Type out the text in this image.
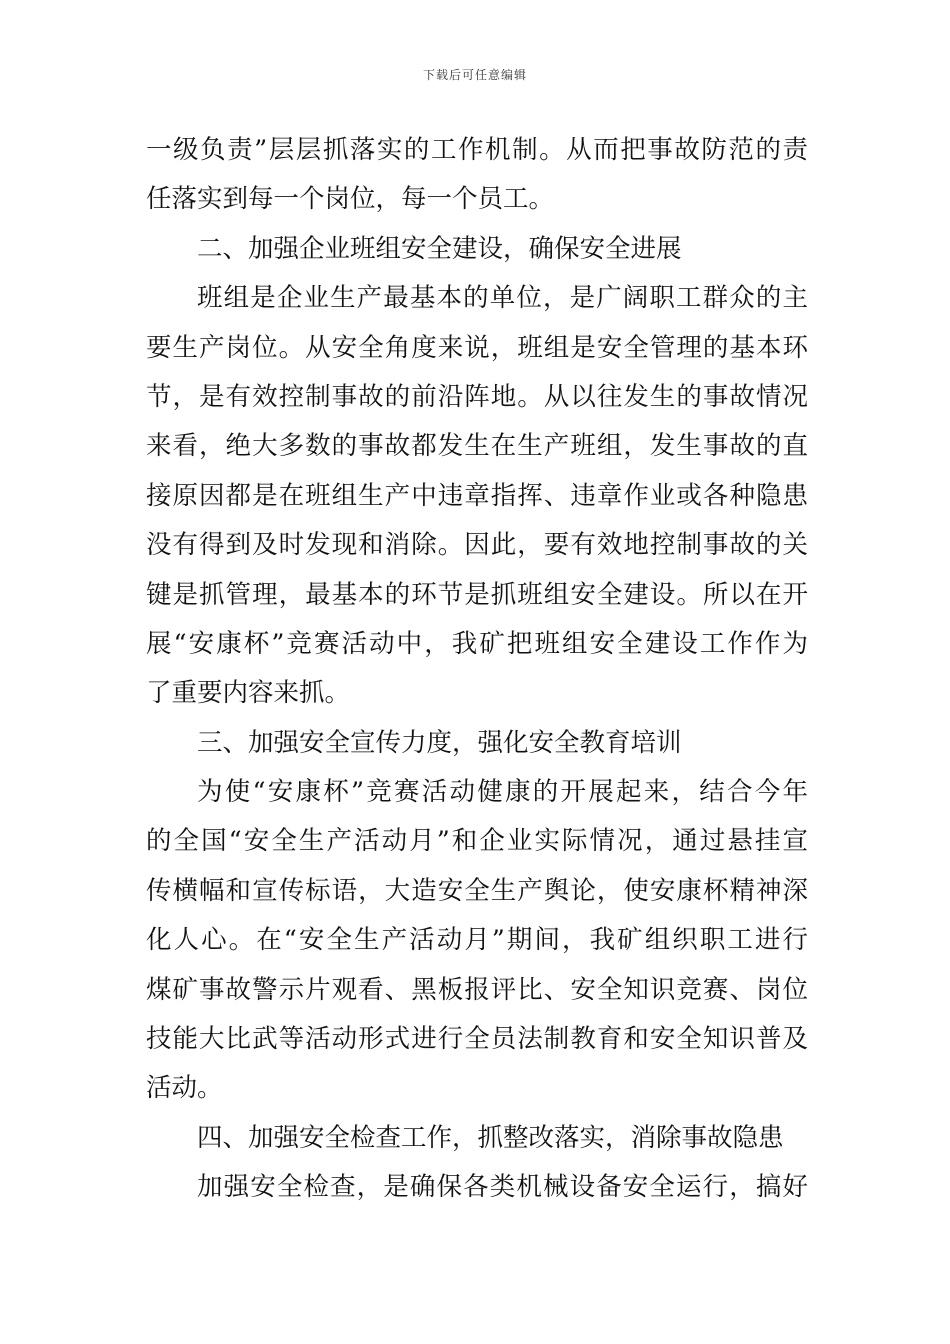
下载后可任意编辑
一级负责”层层抓落实的工作机制。从而把事故防范的责
任落实到每一个岗位，每一个员工。
二、加强企业班组安全建设，确保安全进展
班组是企业生产最基本的单位，是广阔职工群众的主
要生产岗位。从安全角度来说，班组是安全管理的基本环
节，是有效控制事故的前沿阵地。从以往发生的事故情况
来看，绝大多数的事故都发生在生产班组，发生事故的直
接原因都是在班组生产中违章指挥、违章作业或各种隐患
没有得到及时发现和消除。因此，要有效地控制事故的关
键是抓管理，最基本的环节是抓班组安全建设。所以在开
展“安康杯”竞赛活动中，我矿把班组安全建设工作作为
了重要内容来抓。
三、加强安全宣传力度，强化安全教育培训
为使“安康杯”竞赛活动健康的开展起来，结合今年
的全国“安全生产活动月”和企业实际情况，通过悬挂宣
传横幅和宣传标语，大造安全生产舆论，使安康杯精神深
化人心。在“安全生产活动月”期间，我矿组织职工进行
煤矿事故警示片观看、黑板报评比、安全知识竞赛、岗位
技能大比武等活动形式进行全员法制教育和安全知识普及
活动。
四、加强安全检查工作，抓整改落实，消除事故隐患
加强安全检查，是确保各类机械设备安全运行，搞好
